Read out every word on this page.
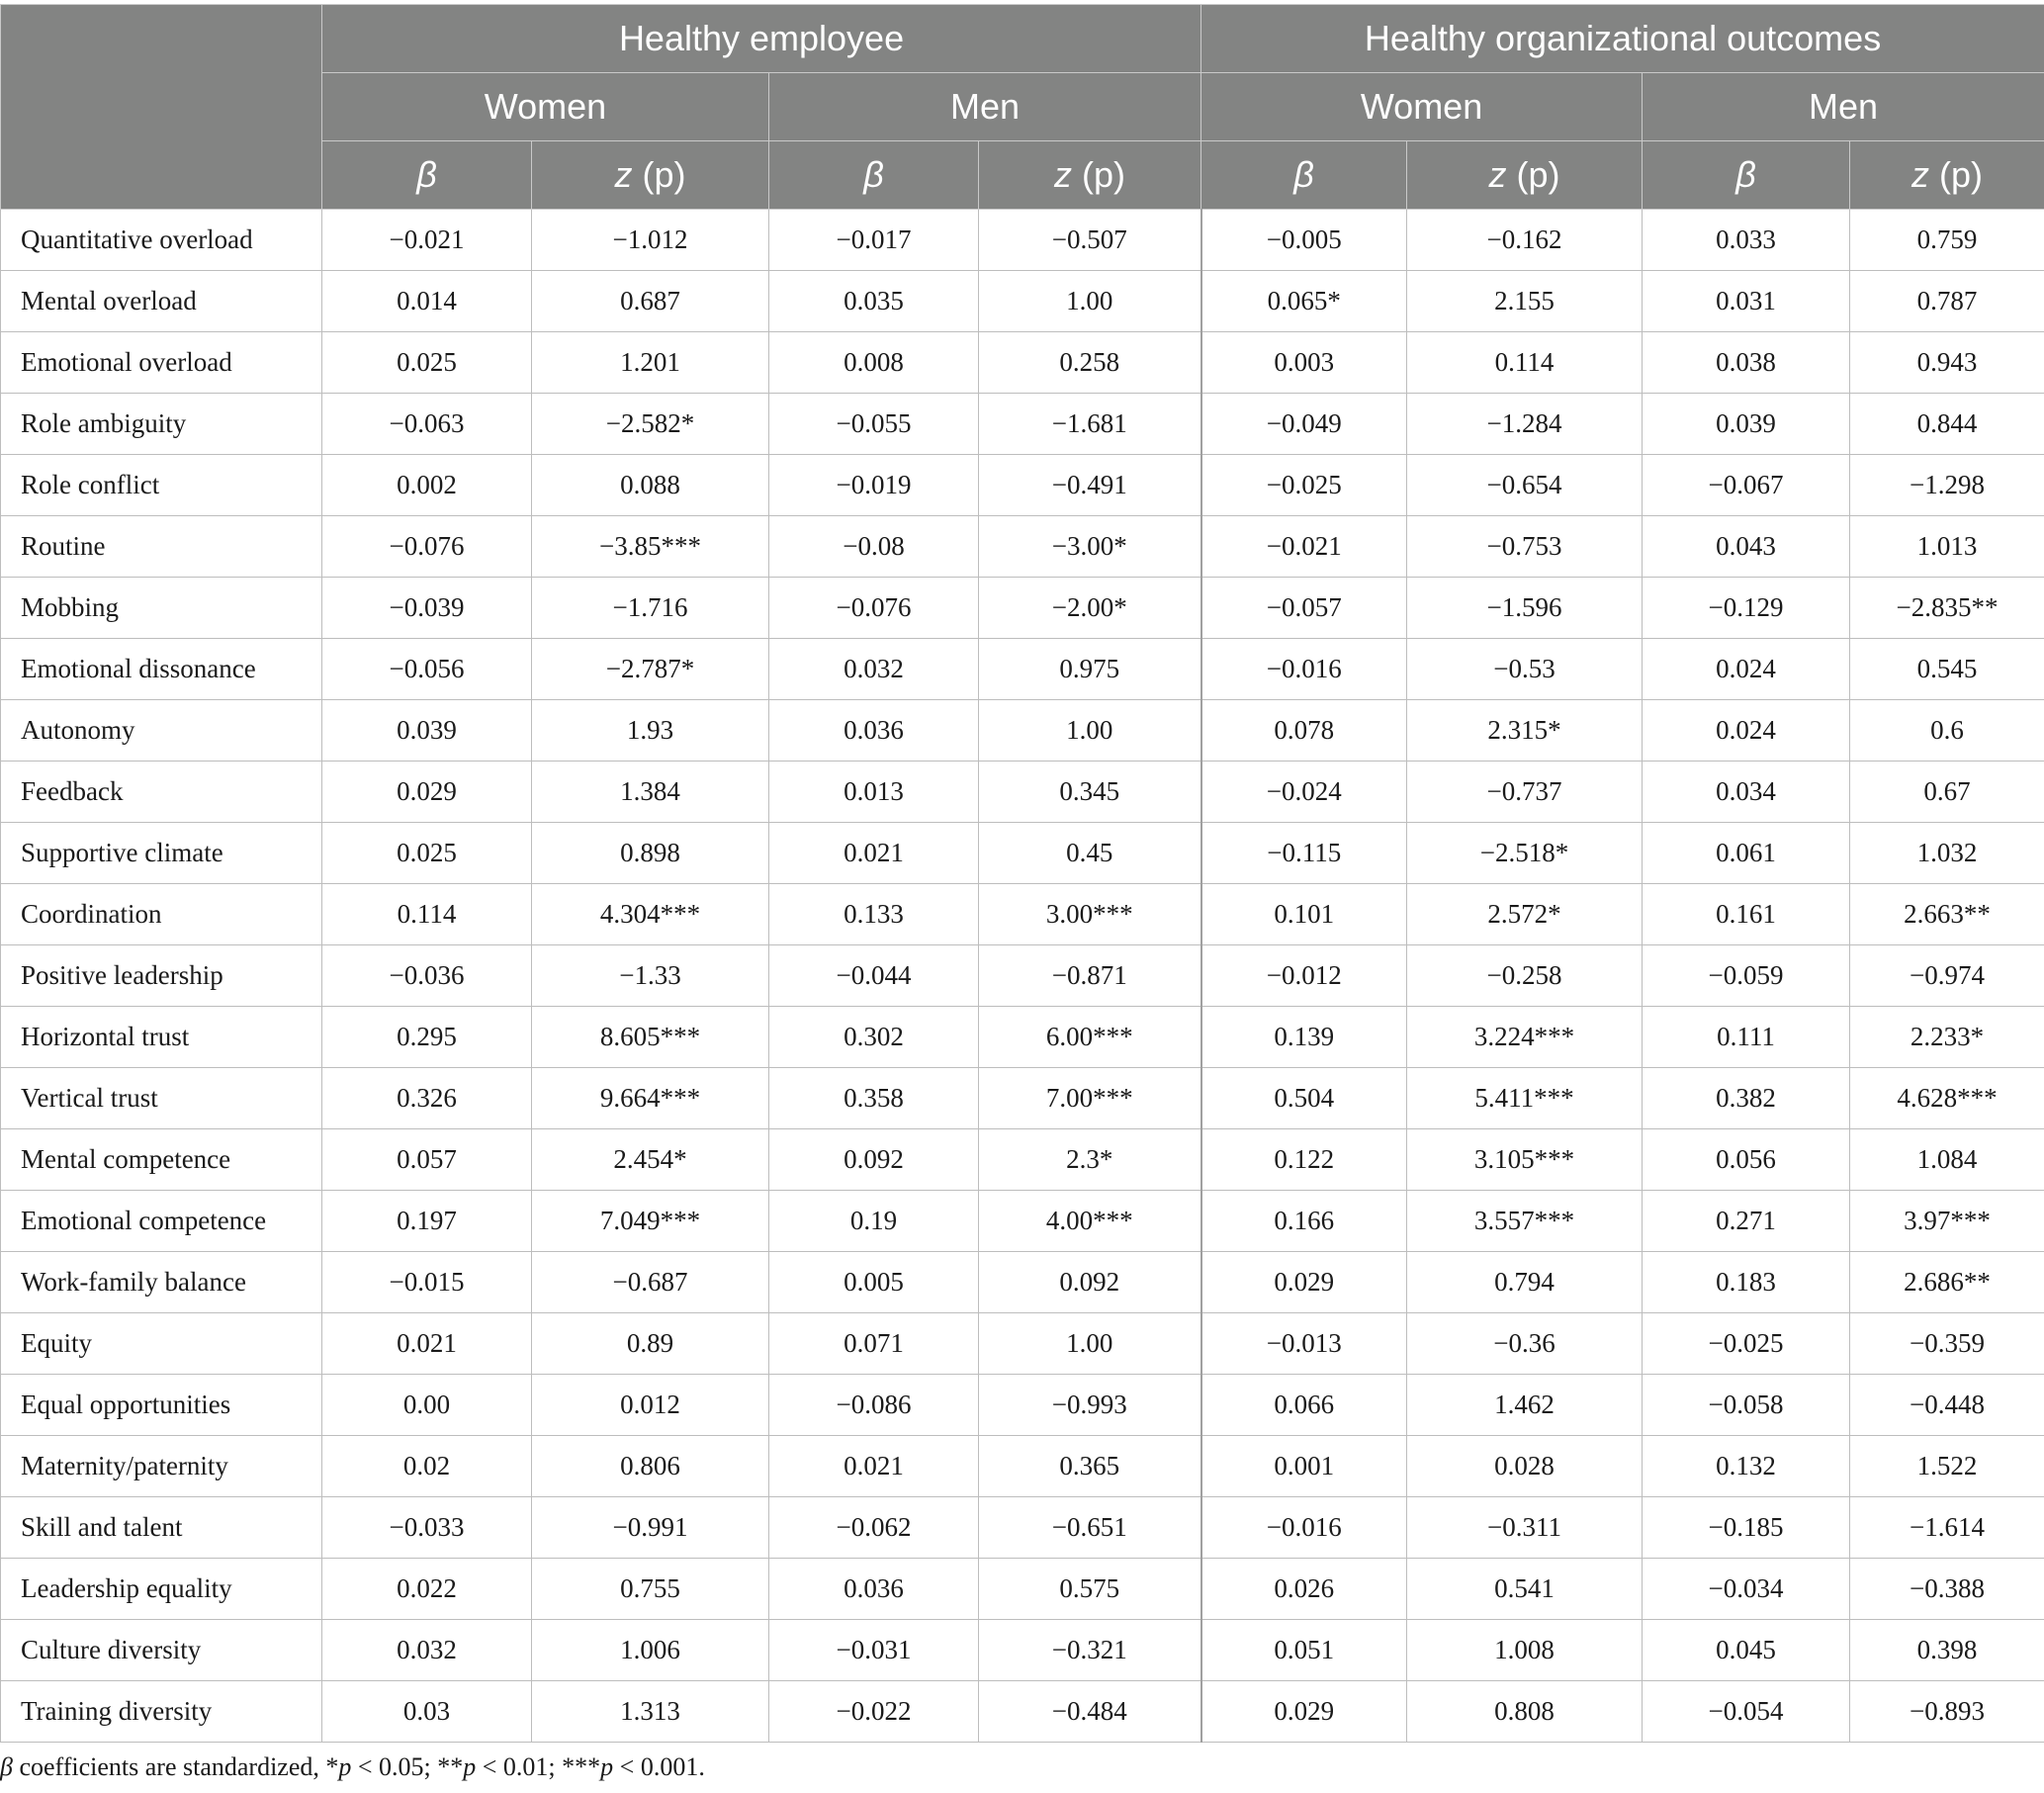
	Healthy employee				Healthy organizational outcomes			
	Women		Men		Women		Men	
	β	z (p)	β	z (p)	β	z (p)	β	z (p)
Quantitative overload	−0.021	−1.012	−0.017	−0.507	−0.005	−0.162	0.033	0.759
Mental overload	0.014	0.687	0.035	1.00	0.065*	2.155	0.031	0.787
Emotional overload	0.025	1.201	0.008	0.258	0.003	0.114	0.038	0.943
Role ambiguity	−0.063	−2.582*	−0.055	−1.681	−0.049	−1.284	0.039	0.844
Role conflict	0.002	0.088	−0.019	−0.491	−0.025	−0.654	−0.067	−1.298
Routine	−0.076	−3.85***	−0.08	−3.00*	−0.021	−0.753	0.043	1.013
Mobbing	−0.039	−1.716	−0.076	−2.00*	−0.057	−1.596	−0.129	−2.835**
Emotional dissonance	−0.056	−2.787*	0.032	0.975	−0.016	−0.53	0.024	0.545
Autonomy	0.039	1.93	0.036	1.00	0.078	2.315*	0.024	0.6
Feedback	0.029	1.384	0.013	0.345	−0.024	−0.737	0.034	0.67
Supportive climate	0.025	0.898	0.021	0.45	−0.115	−2.518*	0.061	1.032
Coordination	0.114	4.304***	0.133	3.00***	0.101	2.572*	0.161	2.663**
Positive leadership	−0.036	−1.33	−0.044	−0.871	−0.012	−0.258	−0.059	−0.974
Horizontal trust	0.295	8.605***	0.302	6.00***	0.139	3.224***	0.111	2.233*
Vertical trust	0.326	9.664***	0.358	7.00***	0.504	5.411***	0.382	4.628***
Mental competence	0.057	2.454*	0.092	2.3*	0.122	3.105***	0.056	1.084
Emotional competence	0.197	7.049***	0.19	4.00***	0.166	3.557***	0.271	3.97***
Work-family balance	−0.015	−0.687	0.005	0.092	0.029	0.794	0.183	2.686**
Equity	0.021	0.89	0.071	1.00	−0.013	−0.36	−0.025	−0.359
Equal opportunities	0.00	0.012	−0.086	−0.993	0.066	1.462	−0.058	−0.448
Maternity/paternity	0.02	0.806	0.021	0.365	0.001	0.028	0.132	1.522
Skill and talent	−0.033	−0.991	−0.062	−0.651	−0.016	−0.311	−0.185	−1.614
Leadership equality	0.022	0.755	0.036	0.575	0.026	0.541	−0.034	−0.388
Culture diversity	0.032	1.006	−0.031	−0.321	0.051	1.008	0.045	0.398
Training diversity	0.03	1.313	−0.022	−0.484	0.029	0.808	−0.054	−0.893
β coefficients are standardized, *p < 0.05; **p < 0.01; ***p < 0.001.
